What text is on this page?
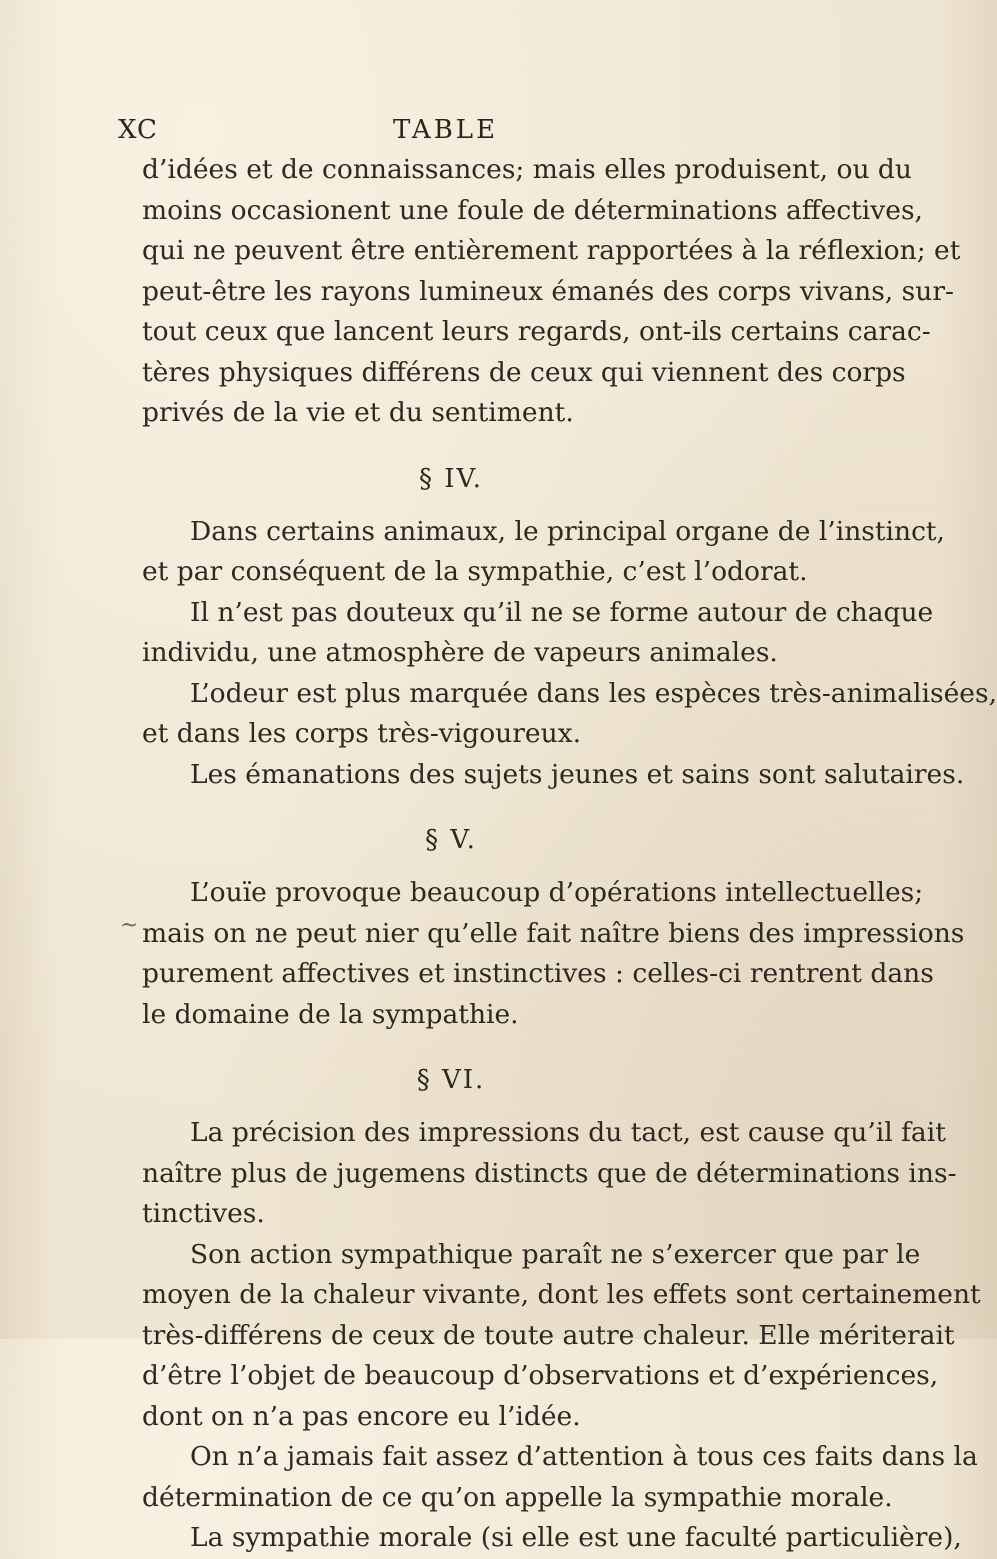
XC	TABLE
~
d’idées et de connaissances; mais elles produisent, ou du
moins occasionent une foule de déterminations affectives,
qui ne peuvent être entièrement rapportées à la réflexion; et
peut-être les rayons lumineux émanés des corps vivans, sur-
tout ceux que lancent leurs regards, ont-ils certains carac-
tères physiques différens de ceux qui viennent des corps
privés de la vie et du sentiment.
§ IV.
Dans certains animaux, le principal organe de l’instinct,
et par conséquent de la sympathie, c’est l’odorat.
Il n’est pas douteux qu’il ne se forme autour de chaque
individu, une atmosphère de vapeurs animales.
L’odeur est plus marquée dans les espèces très-animalisées,
et dans les corps très-vigoureux.
Les émanations des sujets jeunes et sains sont salutaires.
§ V.
L’ouïe provoque beaucoup d’opérations intellectuelles;
mais on ne peut nier qu’elle fait naître biens des impressions
purement affectives et instinctives : celles-ci rentrent dans
le domaine de la sympathie.
§ VI.
La précision des impressions du tact, est cause qu’il fait
naître plus de jugemens distincts que de déterminations ins-
tinctives.
Son action sympathique paraît ne s’exercer que par le
moyen de la chaleur vivante, dont les effets sont certainement
très-différens de ceux de toute autre chaleur. Elle mériterait
d’être l’objet de beaucoup d’observations et d’expériences,
dont on n’a pas encore eu l’idée.
On n’a jamais fait assez d’attention à tous ces faits dans la
détermination de ce qu’on appelle la sympathie morale.
La sympathie morale (si elle est une faculté particulière),
